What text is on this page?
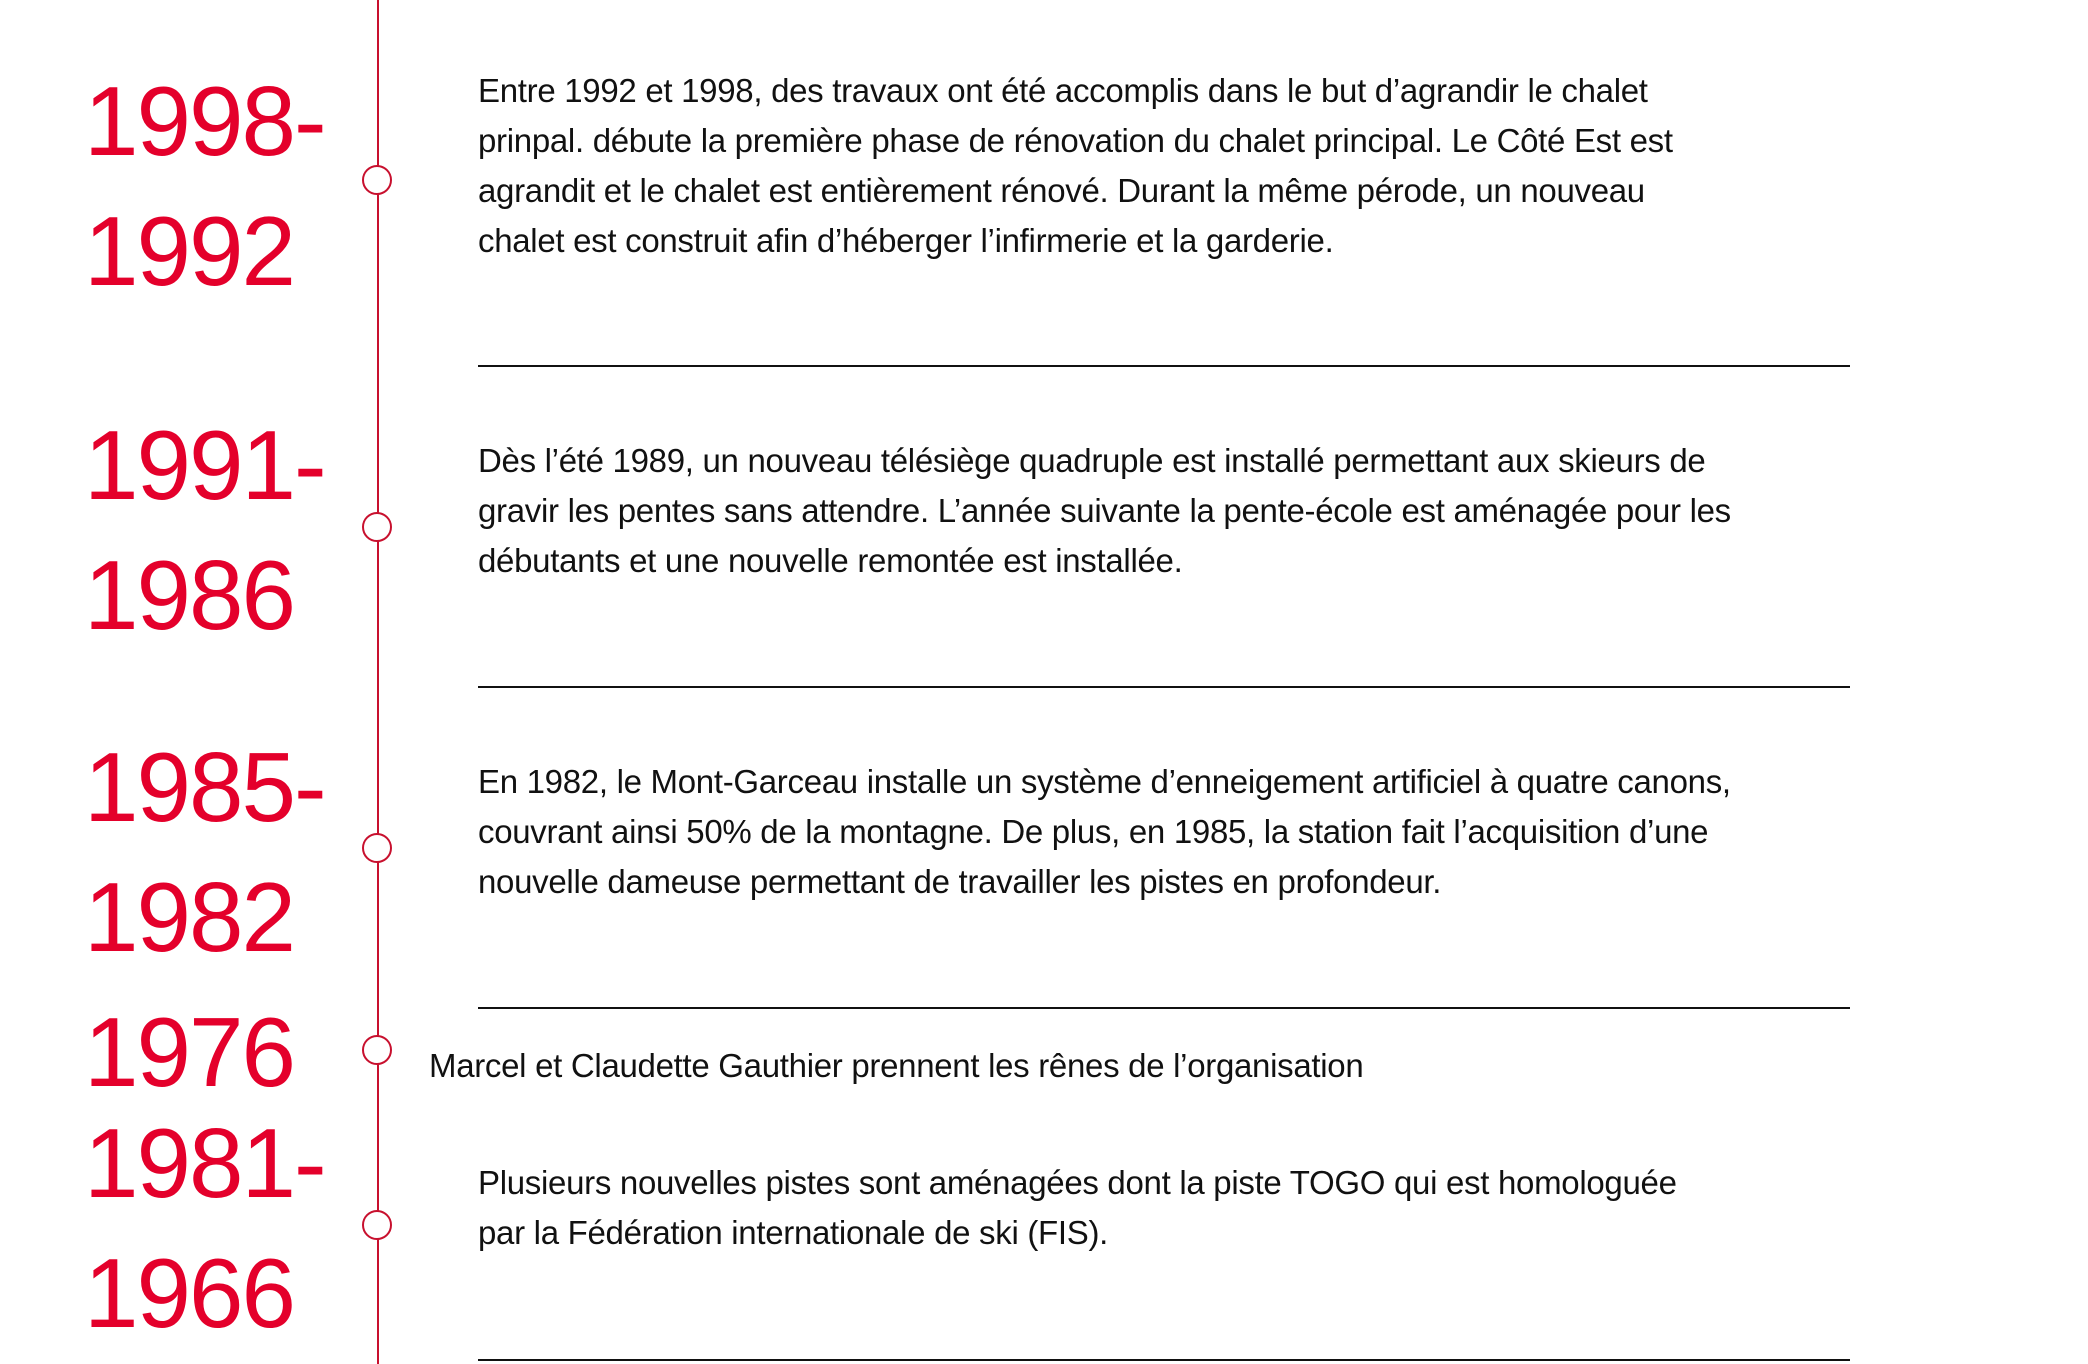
1998-
1992
Entre 1992 et 1998, des travaux ont été accomplis dans le but d’agrandir le chalet
prinpal. débute la première phase de rénovation du chalet principal. Le Côté Est est
agrandit et le chalet est entièrement rénové. Durant la même pérode, un nouveau
chalet est construit afin d’héberger l’infirmerie et la garderie.
1991-
1986
Dès l’été 1989, un nouveau télésiège quadruple est installé permettant aux skieurs de
gravir les pentes sans attendre. L’année suivante la pente-école est aménagée pour les
débutants et une nouvelle remontée est installée.
1985-
1982
En 1982, le Mont-Garceau installe un système d’enneigement artificiel à quatre canons,
couvrant ainsi 50% de la montagne. De plus, en 1985, la station fait l’acquisition d’une
nouvelle dameuse permettant de travailler les pistes en profondeur.
1976	Marcel et Claudette Gauthier prennent les rênes de l’organisation
1981-
1966
Plusieurs nouvelles pistes sont aménagées dont la piste TOGO qui est homologuée
par la Fédération internationale de ski (FIS).
